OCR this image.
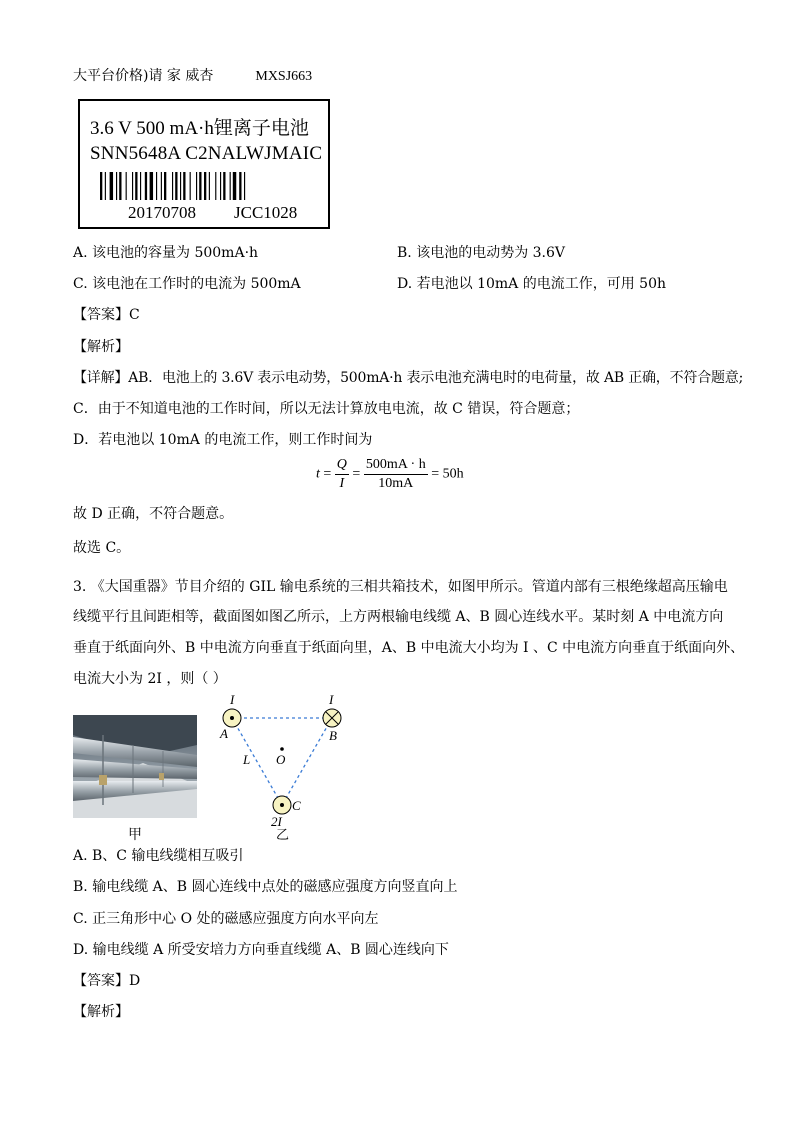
大平台价格)请 家 威杏	MXSJ663
3.6 V 500 mA·h锂离子电池
SNN5648A C2NALWJMAIC
20170708 JCC1028
A. 该电池的容量为 500mA·h	B. 该电池的电动势为 3.6V
C. 该电池在工作时的电流为 500mA	D. 若电池以 10mA 的电流工作，可用 50h
【答案】C
【解析】
【详解】AB．电池上的 3.6V 表示电动势，500mA·h 表示电池充满电时的电荷量，故 AB 正确，不符合题意;
C．由于不知道电池的工作时间，所以无法计算放电电流，故 C 错误，符合题意；
D．若电池以 10mA 的电流工作，则工作时间为
$t = \frac{Q}{I} = \frac{500mA \cdot h}{10mA} = 50h$
故 D 正确，不符合题意。
故选 C。
3. 《大国重器》节目介绍的 GIL 输电系统的三相共箱技术，如图甲所示。管道内部有三根绝缘超高压输电
线缆平行且间距相等，截面图如图乙所示，上方两根输电线缆 A、B 圆心连线水平。某时刻 A 中电流方向
垂直于纸面向外、B 中电流方向垂直于纸面向里，A、B 中电流大小均为 I 、C 中电流方向垂直于纸面向外、
电流大小为 2I ，则（ ）
甲
I	I
A	B
O
L
C
2I
乙
A. B、C 输电线缆相互吸引
B. 输电线缆 A、B 圆心连线中点处的磁感应强度方向竖直向上
C. 正三角形中心 O 处的磁感应强度方向水平向左
D. 输电线缆 A 所受安培力方向垂直线缆 A、B 圆心连线向下
【答案】D
【解析】
